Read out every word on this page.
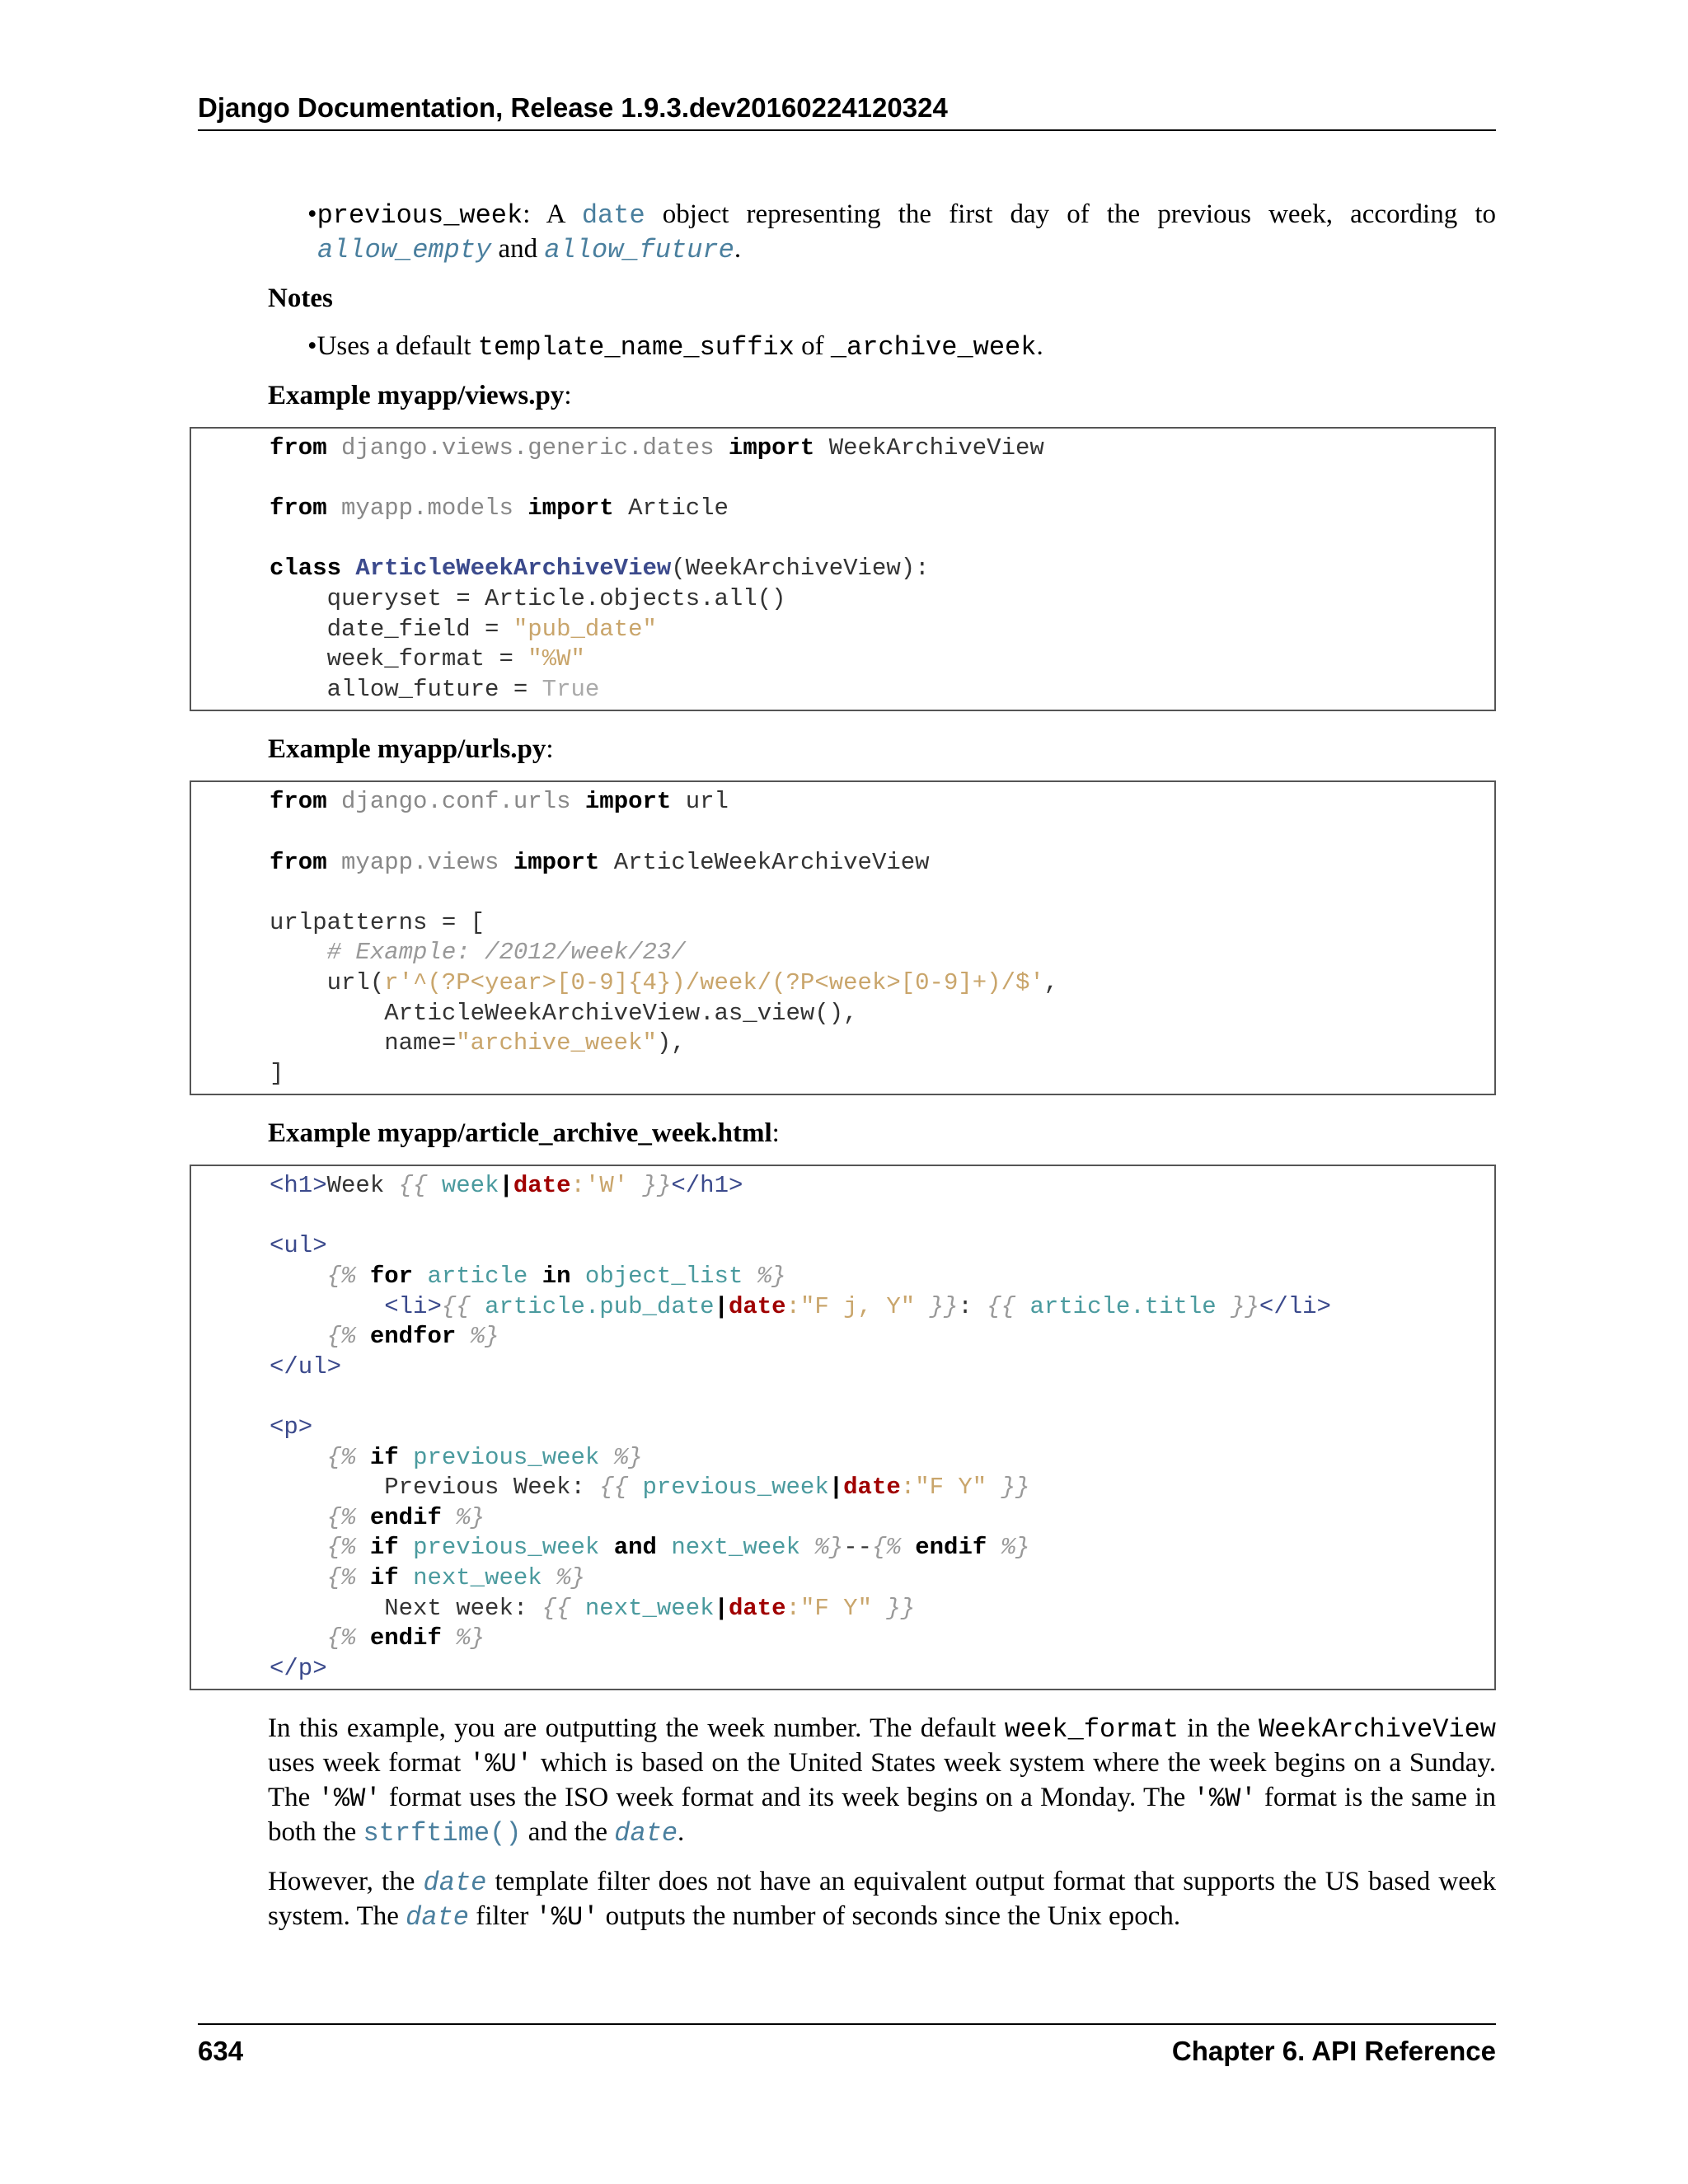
Django Documentation, Release 1.9.3.dev20160224120324

•previous_week: A date object representing the first day of the previous week, according to allow_empty and allow_future.

Notes

•Uses a default template_name_suffix of _archive_week.

Example myapp/views.py:

from django.views.generic.dates import WeekArchiveView

from myapp.models import Article

class ArticleWeekArchiveView(WeekArchiveView):
queryset = Article.objects.all()
date_field = "pub_date"
week_format = "%W"
allow_future = True

Example myapp/urls.py:

from django.conf.urls import url

from myapp.views import ArticleWeekArchiveView

urlpatterns = [
# Example: /2012/week/23/
url(r'^(?P<year>[0-9]{4})/week/(?P<week>[0-9]+)/$',
ArticleWeekArchiveView.as_view(),
name="archive_week"),
]

Example myapp/article_archive_week.html:

<h1>Week {{ week|date:'W' }}</h1>

<ul>
{% for article in object_list %}
<li>{{ article.pub_date|date:"F j, Y" }}: {{ article.title }}</li>
{% endfor %}
</ul>

<p>
{% if previous_week %}
Previous Week: {{ previous_week|date:"F Y" }}
{% endif %}
{% if previous_week and next_week %}--{% endif %}
{% if next_week %}
Next week: {{ next_week|date:"F Y" }}
{% endif %}
</p>

In this example, you are outputting the week number. The default week_format in the WeekArchiveView uses week format '%U' which is based on the United States week system where the week begins on a Sunday. The '%W' format uses the ISO week format and its week begins on a Monday. The '%W' format is the same in both the strftime() and the date.

However, the date template filter does not have an equivalent output format that supports the US based week system. The date filter '%U' outputs the number of seconds since the Unix epoch.

634	Chapter 6. API Reference
